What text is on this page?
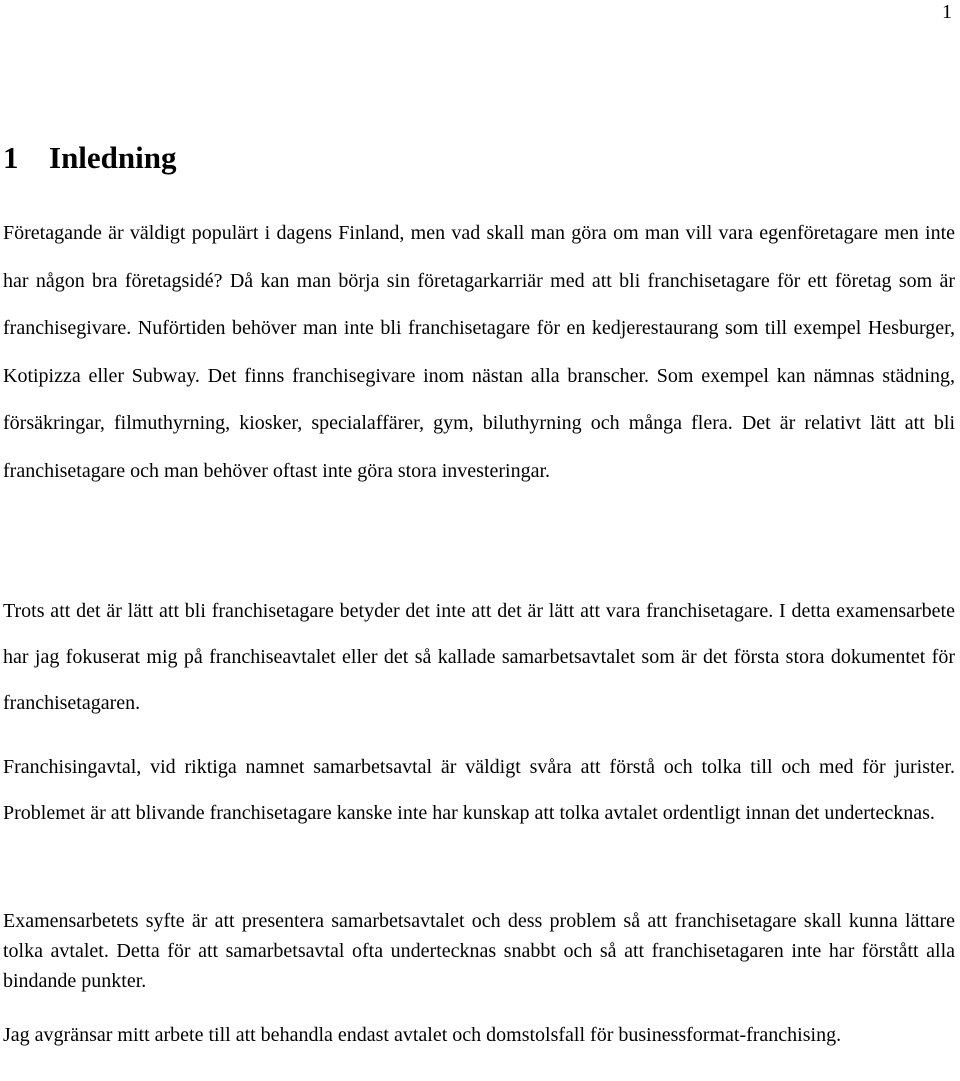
1
1 Inledning

Företagande är väldigt populärt i dagens Finland, men vad skall man göra om man vill vara egenföretagare men inte har någon bra företagsidé? Då kan man börja sin företagarkarriär med att bli franchisetagare för ett företag som är franchisegivare. Nuförtiden behöver man inte bli franchisetagare för en kedjerestaurang som till exempel Hesburger, Kotipizza eller Subway. Det finns franchisegivare inom nästan alla branscher. Som exempel kan nämnas städning, försäkringar, filmuthyrning, kiosker, specialaffärer, gym, biluthyrning och många flera. Det är relativt lätt att bli franchisetagare och man behöver oftast inte göra stora investeringar.

Trots att det är lätt att bli franchisetagare betyder det inte att det är lätt att vara franchisetagare. I detta examensarbete har jag fokuserat mig på franchiseavtalet eller det så kallade samarbetsavtalet som är det första stora dokumentet för franchisetagaren.

Franchisingavtal, vid riktiga namnet samarbetsavtal är väldigt svåra att förstå och tolka till och med för jurister. Problemet är att blivande franchisetagare kanske inte har kunskap att tolka avtalet ordentligt innan det undertecknas.

Examensarbetets syfte är att presentera samarbetsavtalet och dess problem så att franchisetagare skall kunna lättare tolka avtalet. Detta för att samarbetsavtal ofta undertecknas snabbt och så att franchisetagaren inte har förstått alla bindande punkter.

Jag avgränsar mitt arbete till att behandla endast avtalet och domstolsfall för businessformat-franchising.
